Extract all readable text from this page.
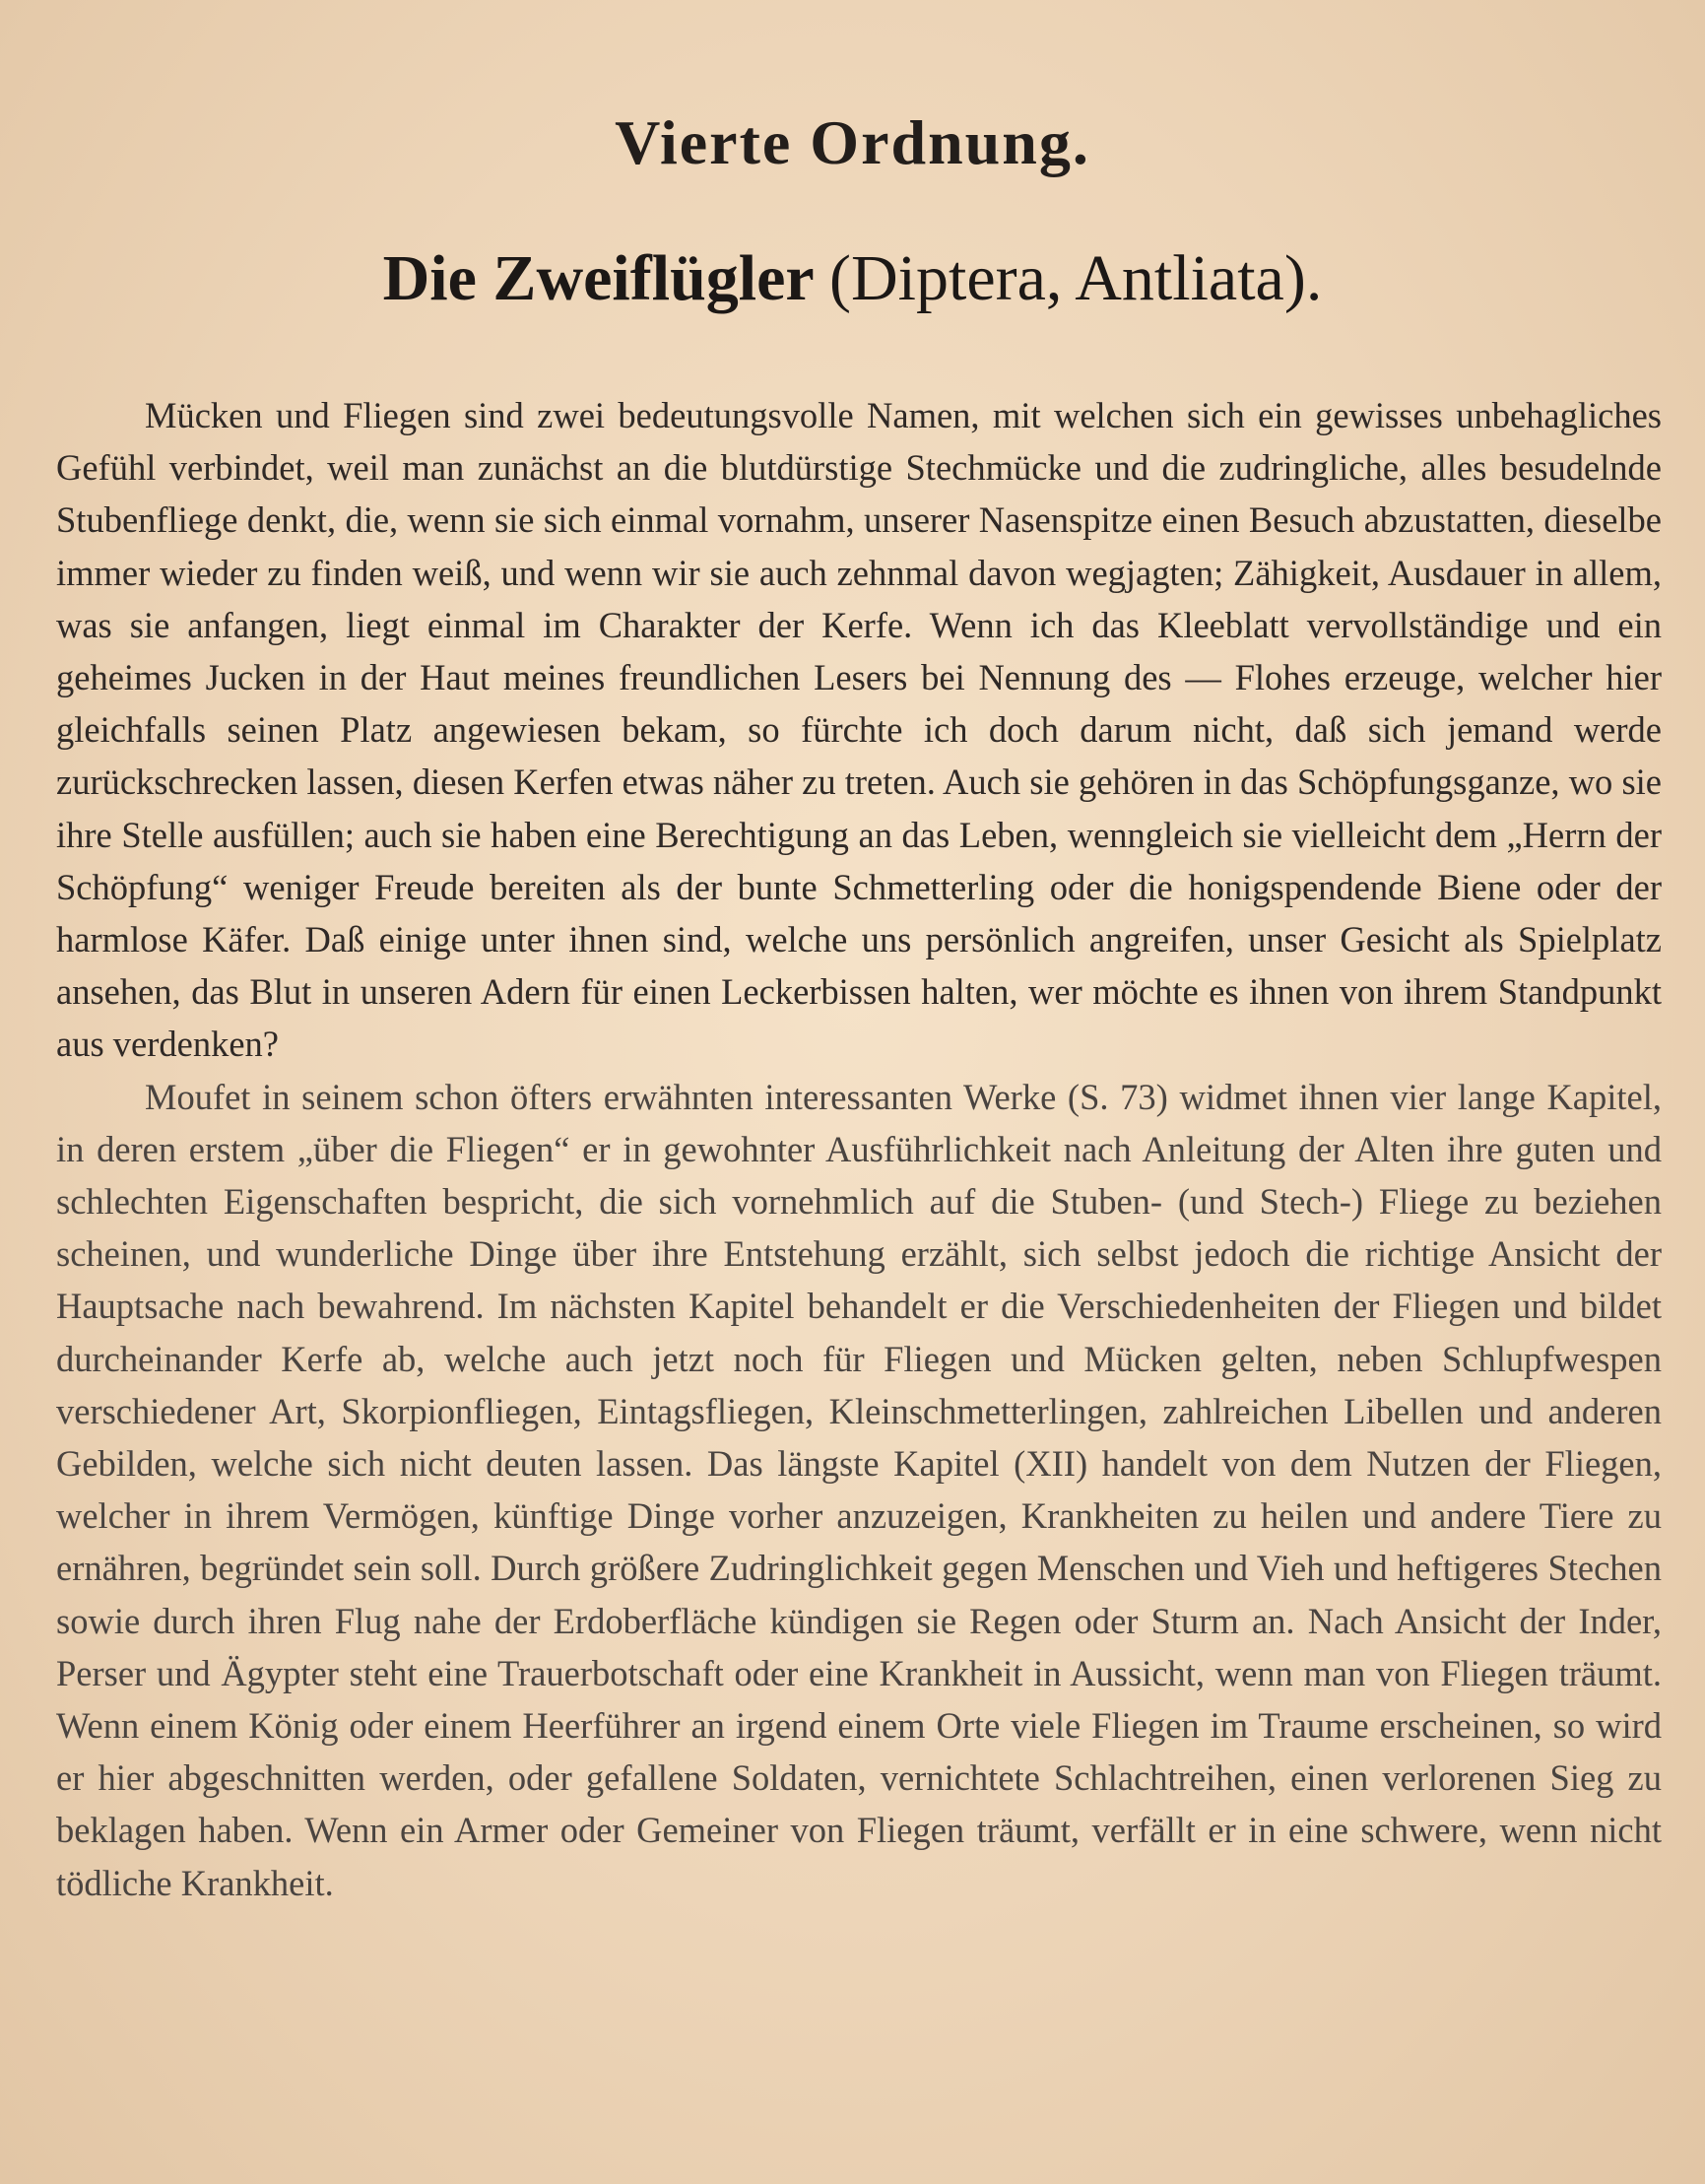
Vierte Ordnung.
Die Zweiflügler (Diptera, Antliata).

Mücken und Fliegen sind zwei bedeutungsvolle Namen, mit welchen sich ein gewisses unbehagliches Gefühl verbindet, weil man zunächst an die blutdürstige Stechmücke und die zudringliche, alles besudelnde Stubenfliege denkt, die, wenn sie sich einmal vornahm, unserer Nasenspitze einen Besuch abzustatten, dieselbe immer wieder zu finden weiß, und wenn wir sie auch zehnmal davon wegjagten; Zähigkeit, Ausdauer in allem, was sie anfangen, liegt einmal im Charakter der Kerfe. Wenn ich das Kleeblatt vervollständige und ein geheimes Jucken in der Haut meines freundlichen Lesers bei Nennung des — Flohes erzeuge, welcher hier gleichfalls seinen Platz angewiesen bekam, so fürchte ich doch darum nicht, daß sich jemand werde zurückschrecken lassen, diesen Kerfen etwas näher zu treten. Auch sie gehören in das Schöpfungsganze, wo sie ihre Stelle ausfüllen; auch sie haben eine Berechtigung an das Leben, wenngleich sie vielleicht dem „Herrn der Schöpfung“ weniger Freude bereiten als der bunte Schmetterling oder die honigspendende Biene oder der harmlose Käfer. Daß einige unter ihnen sind, welche uns persönlich angreifen, unser Gesicht als Spielplatz ansehen, das Blut in unseren Adern für einen Leckerbissen halten, wer möchte es ihnen von ihrem Standpunkt aus verdenken?

Moufet in seinem schon öfters erwähnten interessanten Werke (S. 73) widmet ihnen vier lange Kapitel, in deren erstem „über die Fliegen“ er in gewohnter Ausführlichkeit nach Anleitung der Alten ihre guten und schlechten Eigenschaften bespricht, die sich vornehmlich auf die Stuben- (und Stech-) Fliege zu beziehen scheinen, und wunderliche Dinge über ihre Entstehung erzählt, sich selbst jedoch die richtige Ansicht der Hauptsache nach bewahrend. Im nächsten Kapitel behandelt er die Verschiedenheiten der Fliegen und bildet durcheinander Kerfe ab, welche auch jetzt noch für Fliegen und Mücken gelten, neben Schlupfwespen verschiedener Art, Skorpionfliegen, Eintagsfliegen, Kleinschmetterlingen, zahlreichen Libellen und anderen Gebilden, welche sich nicht deuten lassen. Das längste Kapitel (XII) handelt von dem Nutzen der Fliegen, welcher in ihrem Vermögen, künftige Dinge vorher anzuzeigen, Krankheiten zu heilen und andere Tiere zu ernähren, begründet sein soll. Durch größere Zudringlichkeit gegen Menschen und Vieh und heftigeres Stechen sowie durch ihren Flug nahe der Erdoberfläche kündigen sie Regen oder Sturm an. Nach Ansicht der Inder, Perser und Ägypter steht eine Trauerbotschaft oder eine Krankheit in Aussicht, wenn man von Fliegen träumt. Wenn einem König oder einem Heerführer an irgend einem Orte viele Fliegen im Traume erscheinen, so wird er hier abgeschnitten werden, oder gefallene Soldaten, vernichtete Schlachtreihen, einen verlorenen Sieg zu beklagen haben. Wenn ein Armer oder Gemeiner von Fliegen träumt, verfällt er in eine schwere, wenn nicht tödliche Krankheit.
